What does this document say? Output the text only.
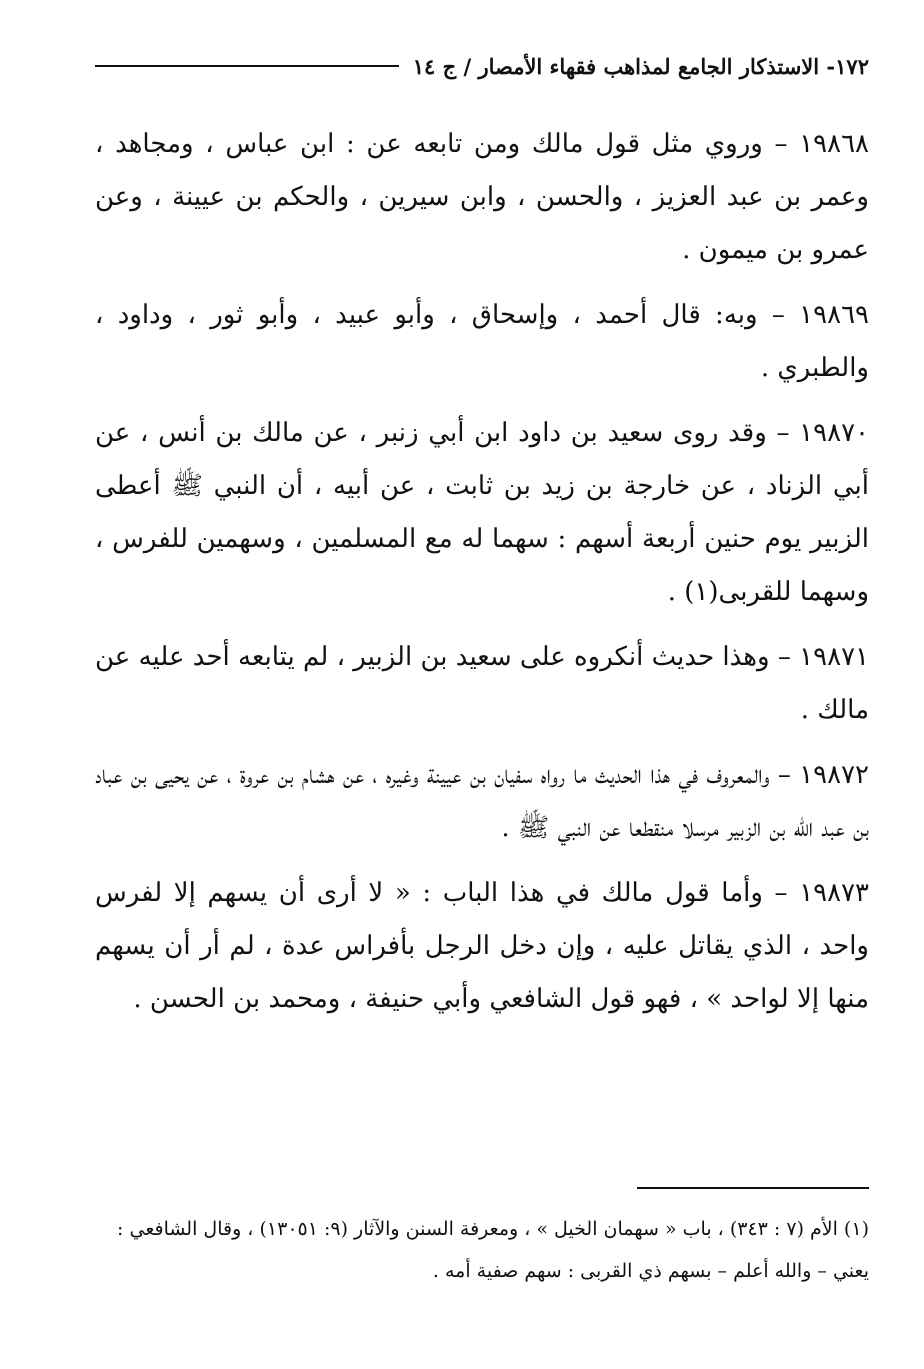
١٧٢- الاستذكار الجامع لمذاهب فقهاء الأمصار / ج ١٤

١٩٨٦٨ – وروي مثل قول مالك ومن تابعه عن : ابن عباس ، ومجاهد ، وعمر بن عبد العزيز ، والحسن ، وابن سيرين ، والحكم بن عيينة ، وعن عمرو بن ميمون .

١٩٨٦٩ – وبه: قال أحمد ، وإسحاق ، وأبو عبيد ، وأبو ثور ، وداود ، والطبري .

١٩٨٧٠ – وقد روى سعيد بن داود ابن أبي زنبر ، عن مالك بن أنس ، عن أبي الزناد ، عن خارجة بن زيد بن ثابت ، عن أبيه ، أن النبي ﷺ أعطى الزبير يوم حنين أربعة أسهم : سهما له مع المسلمين ، وسهمين للفرس ، وسهما للقربى(١) .

١٩٨٧١ – وهذا حديث أنكروه على سعيد بن الزبير ، لم يتابعه أحد عليه عن مالك .

١٩٨٧٢ – والمعروف في هذا الحديث ما رواه سفيان بن عيينة وغيره ، عن هشام بن عروة ، عن يحيى بن عباد بن عبد الله بن الزبير مرسلا منقطعا عن النبي ﷺ .

١٩٨٧٣ – وأما قول مالك في هذا الباب : « لا أرى أن يسهم إلا لفرس واحد ، الذي يقاتل عليه ، وإن دخل الرجل بأفراس عدة ، لم أر أن يسهم منها إلا لواحد » ، فهو قول الشافعي وأبي حنيفة ، ومحمد بن الحسن .

(١) الأم (٧ : ٣٤٣) ، باب « سهمان الخيل » ، ومعرفة السنن والآثار (٩: ١٣٠٥١) ، وقال الشافعي :

يعني – والله أعلم – بسهم ذي القربى : سهم صفية أمه .
